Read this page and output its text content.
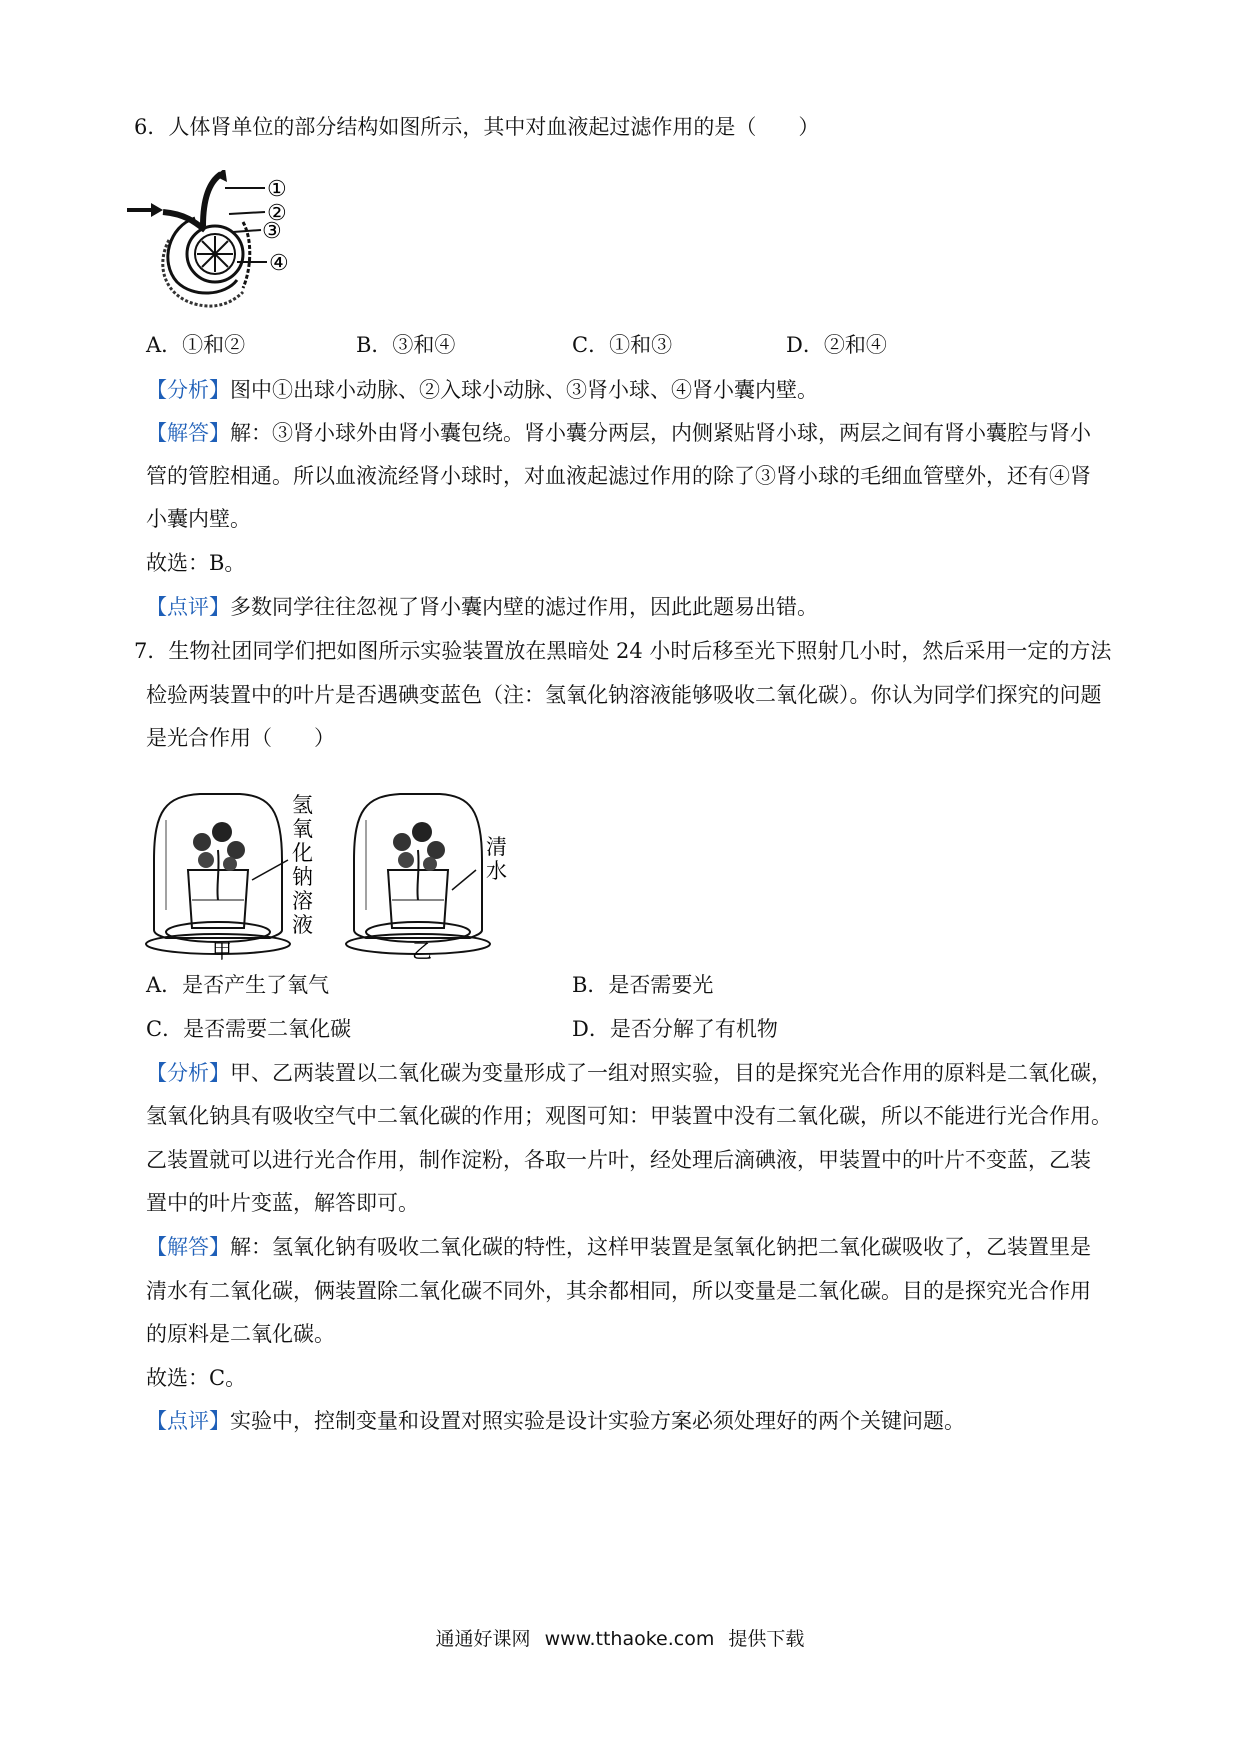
6．人体肾单位的部分结构如图所示，其中对血液起过滤作用的是（　　）
①
②
③
④
A．①和②	B．③和④	C．①和③	D．②和④
【分析】图中①出球小动脉、②入球小动脉、③肾小球、④肾小囊内壁。
【解答】解：③肾小球外由肾小囊包绕。肾小囊分两层，内侧紧贴肾小球，两层之间有肾小囊腔与肾小
管的管腔相通。所以血液流经肾小球时，对血液起滤过作用的除了③肾小球的毛细血管壁外，还有④肾
小囊内壁。
故选：B。
【点评】多数同学往往忽视了肾小囊内壁的滤过作用，因此此题易出错。
7．生物社团同学们把如图所示实验装置放在黑暗处 24 小时后移至光下照射几小时，然后采用一定的方法
检验两装置中的叶片是否遇碘变蓝色（注：氢氧化钠溶液能够吸收二氧化碳）。你认为同学们探究的问题
是光合作用（　　）
氢
氧
化
钠
溶
液
甲
清
水
乙
A．是否产生了氧气	B．是否需要光
C．是否需要二氧化碳	D．是否分解了有机物
【分析】甲、乙两装置以二氧化碳为变量形成了一组对照实验，目的是探究光合作用的原料是二氧化碳，
氢氧化钠具有吸收空气中二氧化碳的作用；观图可知：甲装置中没有二氧化碳，所以不能进行光合作用。
乙装置就可以进行光合作用，制作淀粉，各取一片叶，经处理后滴碘液，甲装置中的叶片不变蓝，乙装
置中的叶片变蓝，解答即可。
【解答】解：氢氧化钠有吸收二氧化碳的特性，这样甲装置是氢氧化钠把二氧化碳吸收了，乙装置里是
清水有二氧化碳，俩装置除二氧化碳不同外，其余都相同，所以变量是二氧化碳。目的是探究光合作用
的原料是二氧化碳。
故选：C。
【点评】实验中，控制变量和设置对照实验是设计实验方案必须处理好的两个关键问题。
通通好课网 www.tthaoke.com 提供下载
